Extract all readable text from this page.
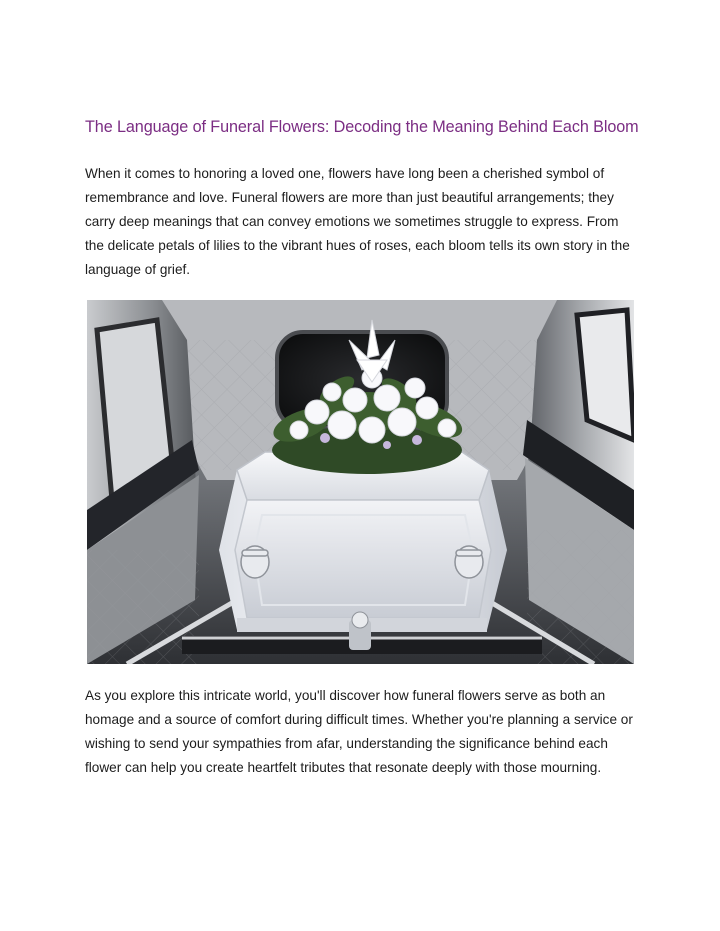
The Language of Funeral Flowers: Decoding the Meaning Behind Each Bloom

When it comes to honoring a loved one, flowers have long been a cherished symbol of remembrance and love. Funeral flowers are more than just beautiful arrangements; they carry deep meanings that can convey emotions we sometimes struggle to express. From the delicate petals of lilies to the vibrant hues of roses, each bloom tells its own story in the language of grief.

As you explore this intricate world, you'll discover how funeral flowers serve as both an homage and a source of comfort during difficult times. Whether you're planning a service or wishing to send your sympathies from afar, understanding the significance behind each flower can help you create heartfelt tributes that resonate deeply with those mourning.
